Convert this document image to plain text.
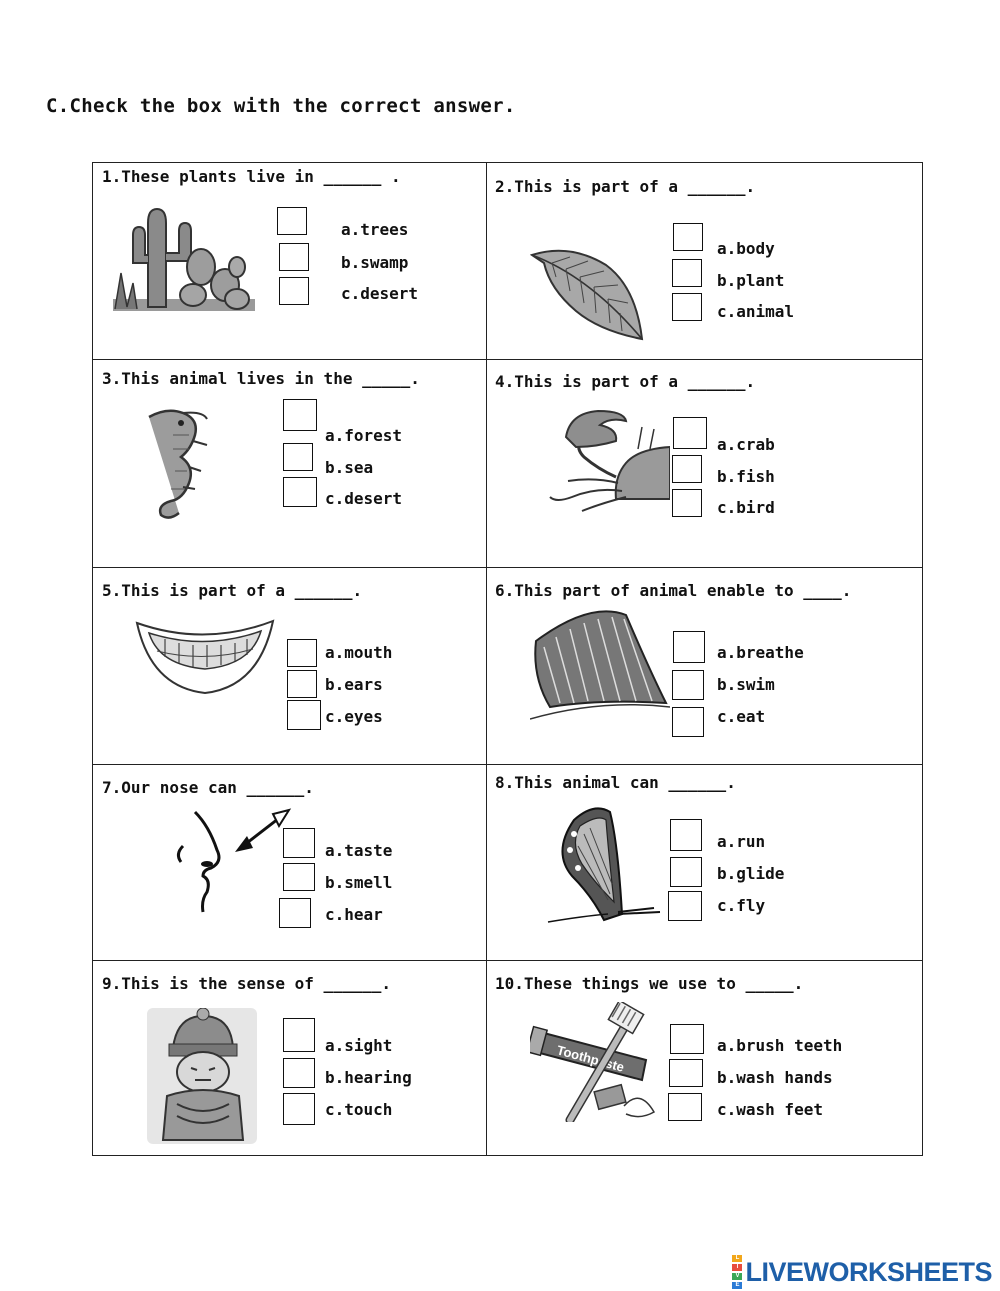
C.Check the box with the correct answer.
1.These plants live in ______ .
a.trees
b.swamp
c.desert
2.This is part of a ______.
a.body
b.plant
c.animal
3.This animal lives in the _____.
a.forest
b.sea
c.desert
4.This is part of a ______.
a.crab
b.fish
c.bird
5.This is part of a ______.
a.mouth
b.ears
c.eyes
6.This part of animal enable to ____.
a.breathe
b.swim
c.eat
7.Our nose can ______.
a.taste
b.smell
c.hear
8.This animal can ______.
a.run
b.glide
c.fly
9.This is the sense of ______.
a.sight
b.hearing
c.touch
10.These things we use to _____.
Toothpaste	a.brush teeth
b.wash hands
c.wash feet
L
I
V
E LIVEWORKSHEETS
